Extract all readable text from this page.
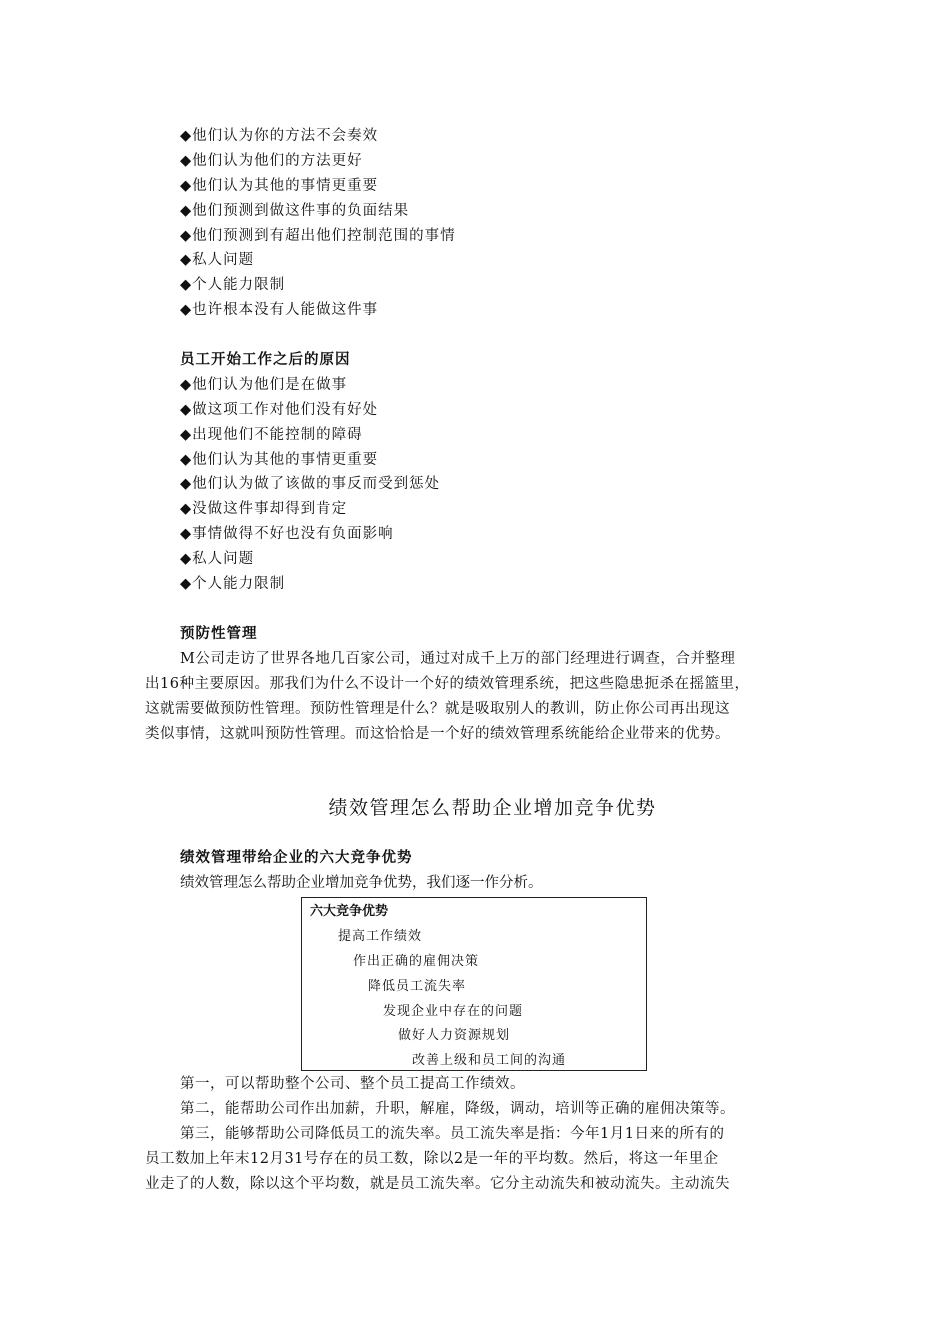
◆他们认为你的方法不会奏效
◆他们认为他们的方法更好
◆他们认为其他的事情更重要
◆他们预测到做这件事的负面结果
◆他们预测到有超出他们控制范围的事情
◆私人问题
◆个人能力限制
◆也许根本没有人能做这件事
员工开始工作之后的原因
◆他们认为他们是在做事
◆做这项工作对他们没有好处
◆出现他们不能控制的障碍
◆他们认为其他的事情更重要
◆他们认为做了该做的事反而受到惩处
◆没做这件事却得到肯定
◆事情做得不好也没有负面影响
◆私人问题
◆个人能力限制
预防性管理
M公司走访了世界各地几百家公司，通过对成千上万的部门经理进行调查，合并整理
出16种主要原因。那我们为什么不设计一个好的绩效管理系统，把这些隐患扼杀在摇篮里，
这就需要做预防性管理。预防性管理是什么？就是吸取别人的教训，防止你公司再出现这
类似事情，这就叫预防性管理。而这恰恰是一个好的绩效管理系统能给企业带来的优势。
绩效管理怎么帮助企业增加竞争优势
绩效管理带给企业的六大竞争优势
绩效管理怎么帮助企业增加竞争优势，我们逐一作分析。
六大竞争优势
提高工作绩效
作出正确的雇佣决策
降低员工流失率
发现企业中存在的问题
做好人力资源规划
改善上级和员工间的沟通
第一，可以帮助整个公司、整个员工提高工作绩效。
第二，能帮助公司作出加薪，升职，解雇，降级，调动，培训等正确的雇佣决策等。
第三，能够帮助公司降低员工的流失率。员工流失率是指：今年1月1日来的所有的
员工数加上年末12月31号存在的员工数，除以2是一年的平均数。然后，将这一年里企
业走了的人数，除以这个平均数，就是员工流失率。它分主动流失和被动流失。主动流失
